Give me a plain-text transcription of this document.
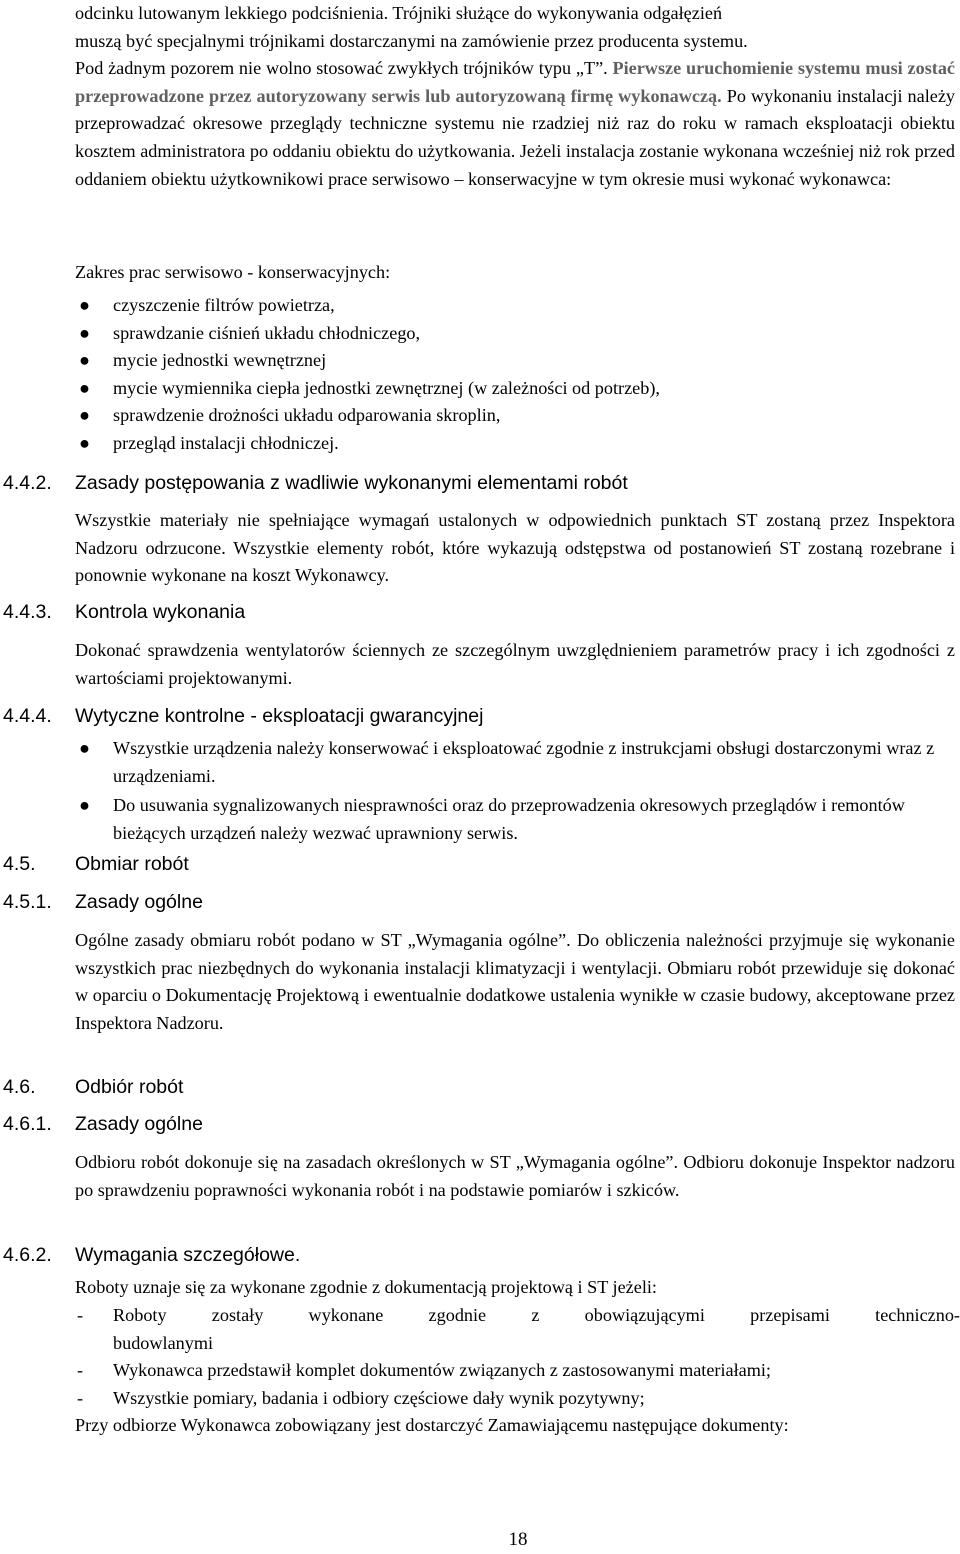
odcinku lutowanym lekkiego podciśnienia. Trójniki służące do wykonywania odgałęzień
muszą być specjalnymi trójnikami dostarczanymi na zamówienie przez producenta systemu.
Pod żadnym pozorem nie wolno stosować zwykłych trójników typu „T”. Pierwsze uruchomienie systemu musi zostać przeprowadzone przez autoryzowany serwis lub autoryzowaną firmę wykonawczą. Po wykonaniu instalacji należy przeprowadzać okresowe przeglądy techniczne systemu nie rzadziej niż raz do roku w ramach eksploatacji obiektu kosztem administratora po oddaniu obiektu do użytkowania. Jeżeli instalacja zostanie wykonana wcześniej niż rok przed oddaniem obiektu użytkownikowi prace serwisowo – konserwacyjne w tym okresie musi wykonać wykonawca:
Zakres prac serwisowo - konserwacyjnych:
● czyszczenie filtrów powietrza,
● sprawdzanie ciśnień układu chłodniczego,
● mycie jednostki wewnętrznej
● mycie wymiennika ciepła jednostki zewnętrznej (w zależności od potrzeb),
● sprawdzenie drożności układu odparowania skroplin,
● przegląd instalacji chłodniczej.
4.4.2. Zasady postępowania z wadliwie wykonanymi elementami robót
Wszystkie materiały nie spełniające wymagań ustalonych w odpowiednich punktach ST zostaną przez Inspektora Nadzoru odrzucone. Wszystkie elementy robót, które wykazują odstępstwa od postanowień ST zostaną rozebrane i ponownie wykonane na koszt Wykonawcy.
4.4.3. Kontrola wykonania
Dokonać sprawdzenia wentylatorów ściennych ze szczególnym uwzględnieniem parametrów pracy i ich zgodności z wartościami projektowanymi.
4.4.4. Wytyczne kontrolne - eksploatacji gwarancyjnej
● Wszystkie urządzenia należy konserwować i eksploatować zgodnie z instrukcjami obsługi dostarczonymi wraz z urządzeniami.
● Do usuwania sygnalizowanych niesprawności oraz do przeprowadzenia okresowych przeglądów i remontów bieżących urządzeń należy wezwać uprawniony serwis.
4.5. Obmiar robót
4.5.1. Zasady ogólne
Ogólne zasady obmiaru robót podano w ST „Wymagania ogólne”. Do obliczenia należności przyjmuje się wykonanie wszystkich prac niezbędnych do wykonania instalacji klimatyzacji i wentylacji. Obmiaru robót przewiduje się dokonać w oparciu o Dokumentację Projektową i ewentualnie dodatkowe ustalenia wynikłe w czasie budowy, akceptowane przez Inspektora Nadzoru.
4.6. Odbiór robót
4.6.1. Zasady ogólne
Odbioru robót dokonuje się na zasadach określonych w ST „Wymagania ogólne”. Odbioru dokonuje Inspektor nadzoru po sprawdzeniu poprawności wykonania robót i na podstawie pomiarów i szkiców.
4.6.2. Wymagania szczegółowe.
Roboty uznaje się za wykonane zgodnie z dokumentacją projektową i ST jeżeli:
- Roboty zostały wykonane zgodnie z obowiązującymi przepisami techniczno-
budowlanymi
- Wykonawca przedstawił komplet dokumentów związanych z zastosowanymi materiałami;
- Wszystkie pomiary, badania i odbiory częściowe dały wynik pozytywny;
Przy odbiorze Wykonawca zobowiązany jest dostarczyć Zamawiającemu następujące dokumenty:
18
